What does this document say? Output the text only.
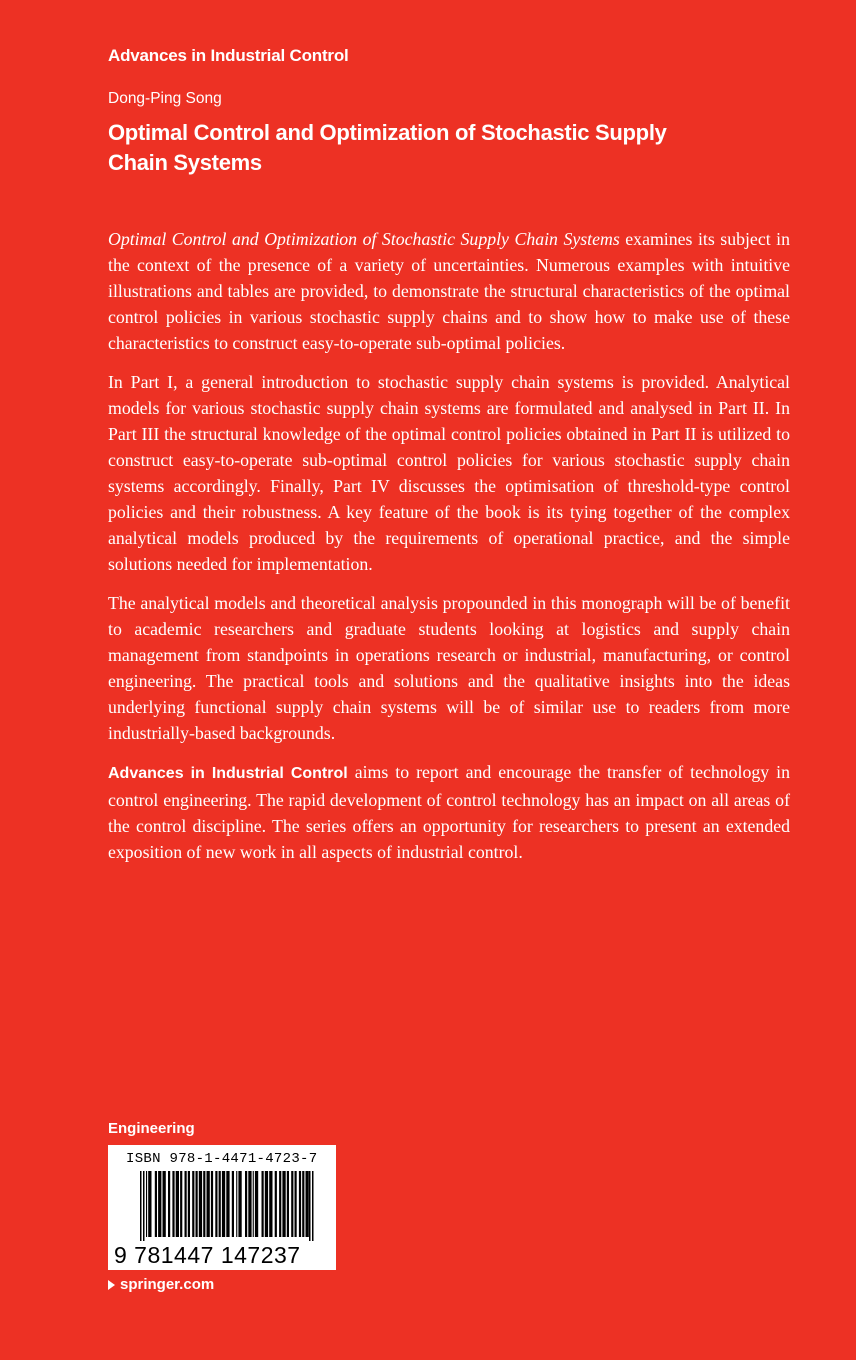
Advances in Industrial Control
Dong-Ping Song
Optimal Control and Optimization of Stochastic Supply Chain Systems

Optimal Control and Optimization of Stochastic Supply Chain Systems examines its subject in the context of the presence of a variety of uncertainties. Numerous examples with intuitive illustrations and tables are provided, to demonstrate the structural characteristics of the optimal control policies in various stochastic supply chains and to show how to make use of these characteristics to construct easy-to-operate sub-optimal policies.

In Part I, a general introduction to stochastic supply chain systems is provided. Analytical models for various stochastic supply chain systems are formulated and analysed in Part II. In Part III the structural knowledge of the optimal control policies obtained in Part II is utilized to construct easy-to-operate sub-optimal control policies for various stochastic supply chain systems accordingly. Finally, Part IV discusses the optimisation of threshold-type control policies and their robustness. A key feature of the book is its tying together of the complex analytical models produced by the requirements of operational practice, and the simple solutions needed for implementation.

The analytical models and theoretical analysis propounded in this monograph will be of benefit to academic researchers and graduate students looking at logistics and supply chain management from standpoints in operations research or industrial, manufacturing, or control engineering. The practical tools and solutions and the qualitative insights into the ideas underlying functional supply chain systems will be of similar use to readers from more industrially-based backgrounds.

Advances in Industrial Control aims to report and encourage the transfer of technology in control engineering. The rapid development of control technology has an impact on all areas of the control discipline. The series offers an opportunity for researchers to present an extended exposition of new work in all aspects of industrial control.

Engineering
ISBN 978-1-4471-4723-7
9 781447 147237
springer.com
